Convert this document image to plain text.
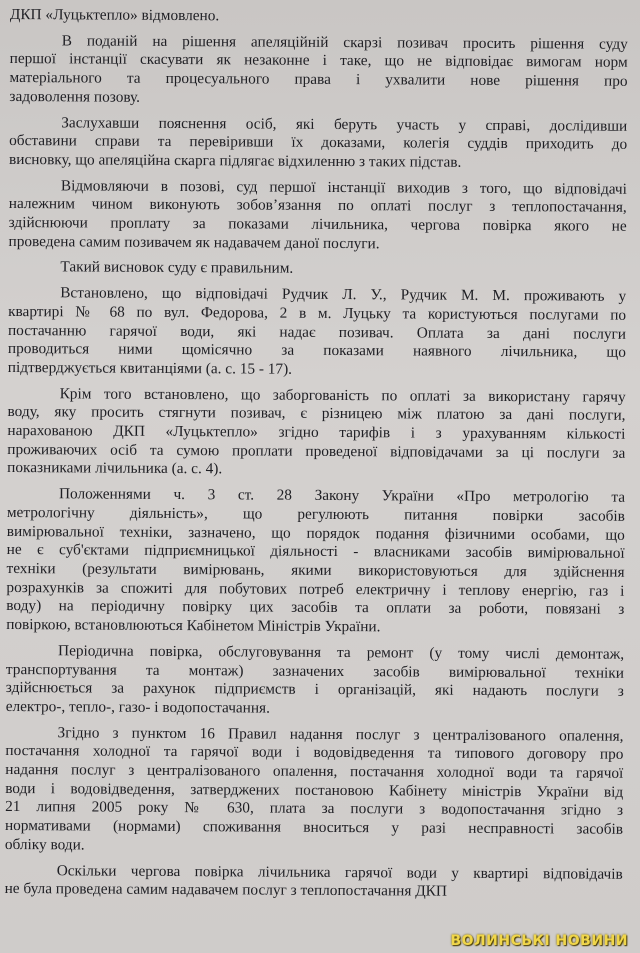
ДКП «Луцьктепло» відмовлено.
В поданій на рішення апеляційній скарзі позивач просить рішення суду
першої інстанції скасувати як незаконне і таке, що не відповідає вимогам норм
матеріального та процесуального права і ухвалити нове рішення про
задоволення позову.
Заслухавши пояснення осіб, які беруть участь у справі, дослідивши
обставини справи та перевіривши їх доказами, колегія суддів приходить до
висновку, що апеляційна скарга підлягає відхиленню з таких підстав.
Відмовляючи в позові, суд першої інстанції виходив з того, що відповідачі
належним чином виконують зобов’язання по оплаті послуг з теплопостачання,
здійснюючи проплату за показами лічильника, чергова повірка якого не
проведена самим позивачем як надавачем даної послуги.
Такий висновок суду є правильним.
Встановлено, що відповідачі Рудчик Л. У., Рудчик М. М. проживають у
квартирі № 68 по вул. Федорова, 2 в м. Луцьку та користуються послугами по
постачанню гарячої води, які надає позивач. Оплата за дані послуги
проводиться ними щомісячно за показами наявного лічильника, що
підтверджується квитанціями (а. с. 15 - 17).
Крім того встановлено, що заборгованість по оплаті за використану гарячу
воду, яку просить стягнути позивач, є різницею між платою за дані послуги,
нарахованою ДКП «Луцьктепло» згідно тарифів і з урахуванням кількості
проживаючих осіб та сумою проплати проведеної відповідачами за ці послуги за
показниками лічильника (а. с. 4).
Положеннями ч. 3 ст. 28 Закону України «Про метрологію та
метрологічну діяльність», що регулюють питання повірки засобів
вимірювальної техніки, зазначено, що порядок подання фізичними особами, що
не є суб'єктами підприємницької діяльності - власниками засобів вимірювальної
техніки (результати вимірювань, якими використовуються для здійснення
розрахунків за спожиті для побутових потреб електричну і теплову енергію, газ і
воду) на періодичну повірку цих засобів та оплати за роботи, повязані з
повіркою, встановлюються Кабінетом Міністрів України.
Періодична повірка, обслуговування та ремонт (у тому числі демонтаж,
транспортування та монтаж) зазначених засобів вимірювальної техніки
здійснюється за рахунок підприємств і організацій, які надають послуги з
електро-, тепло-, газо- і водопостачання.
Згідно з пунктом 16 Правил надання послуг з централізованого опалення,
постачання холодної та гарячої води і водовідведення та типового договору про
надання послуг з централізованого опалення, постачання холодної води та гарячої
води і водовідведення, затверджених постановою Кабінету міністрів України від
21 липня 2005 року № 630, плата за послуги з водопостачання згідно з
нормативами (нормами) споживання вноситься у разі несправності засобів
обліку води.
Оскільки чергова повірка лічильника гарячої води у квартирі відповідачів
не була проведена самим надавачем послуг з теплопостачання ДКП
ВОЛИНСЬКІ НОВИНИ
